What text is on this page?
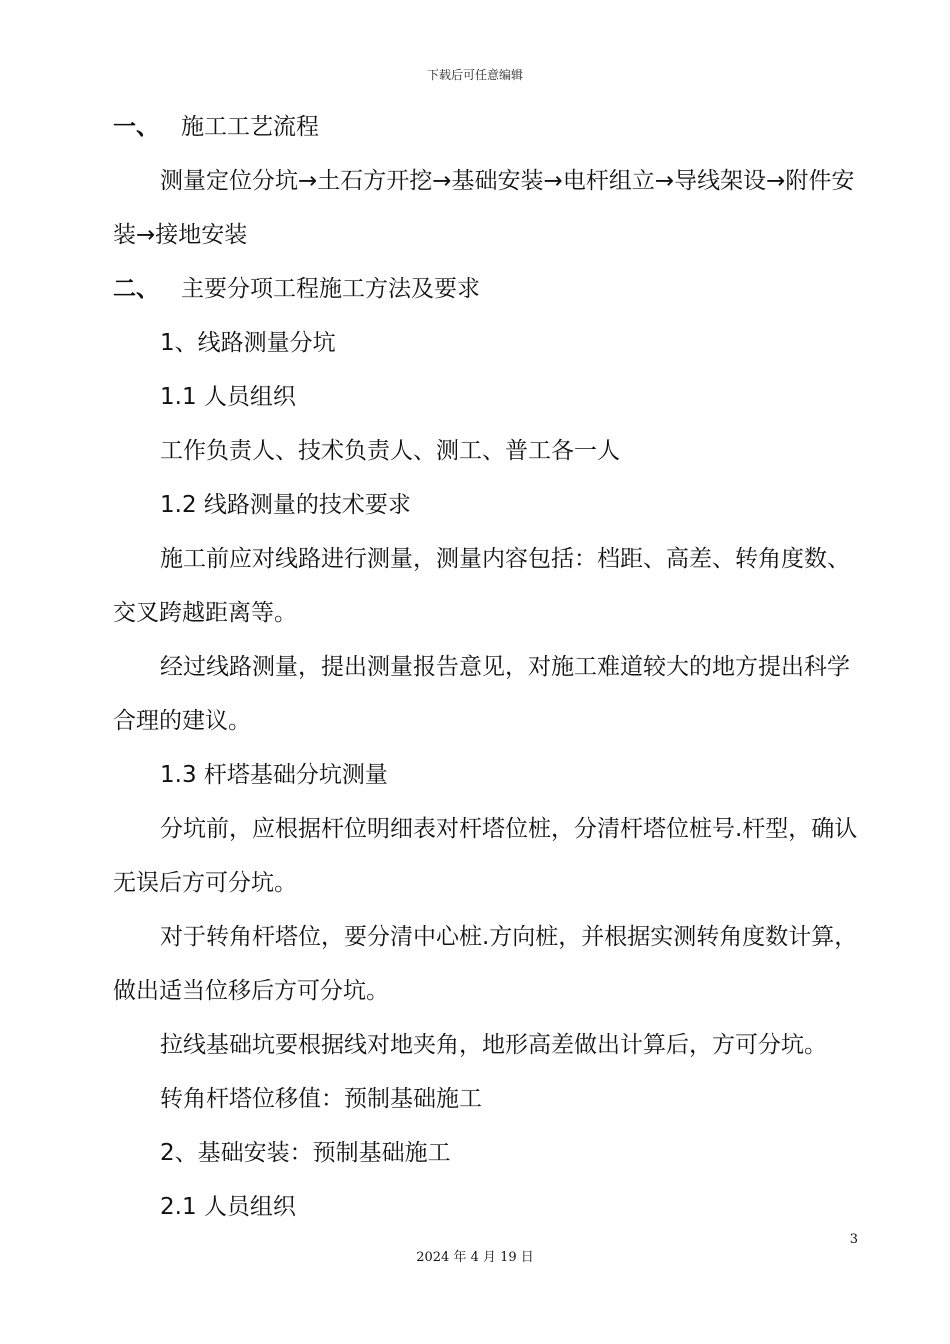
下载后可任意编辑

一、 施工工艺流程

测量定位分坑→土石方开挖→基础安装→电杆组立→导线架设→附件安装→接地安装

二、 主要分项工程施工方法及要求

1、线路测量分坑

1.1 人员组织

工作负责人、技术负责人、测工、普工各一人

1.2 线路测量的技术要求

施工前应对线路进行测量，测量内容包括：档距、高差、转角度数、交叉跨越距离等。

经过线路测量，提出测量报告意见，对施工难道较大的地方提出科学合理的建议。

1.3 杆塔基础分坑测量

分坑前，应根据杆位明细表对杆塔位桩，分清杆塔位桩号.杆型，确认无误后方可分坑。

对于转角杆塔位，要分清中心桩.方向桩，并根据实测转角度数计算，做出适当位移后方可分坑。

拉线基础坑要根据线对地夹角，地形高差做出计算后，方可分坑。

转角杆塔位移值：预制基础施工

2、基础安装：预制基础施工

2.1 人员组织

3
2024 年 4 月 19 日
